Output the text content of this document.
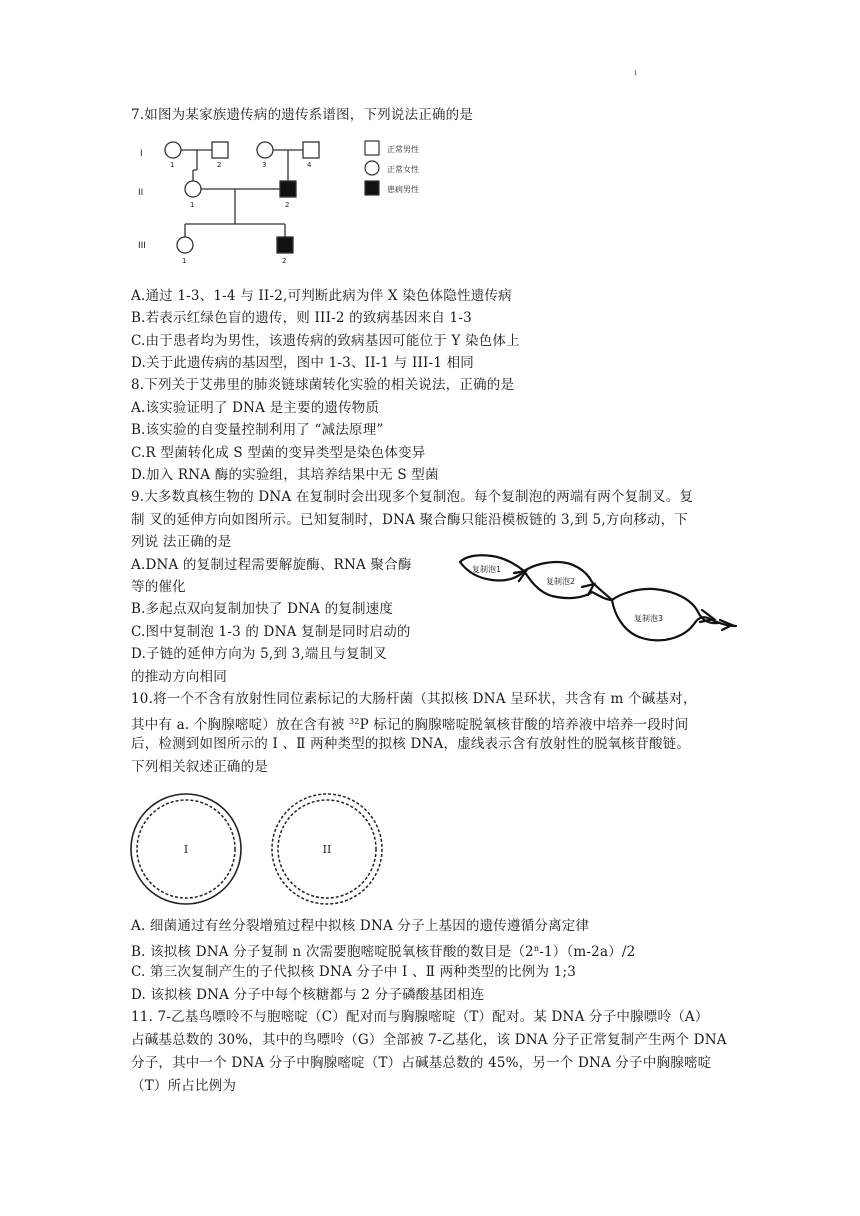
ı
7.如图为某家族遗传病的遗传系谱图，下列说法正确的是
I
II
III
1	2	3	4
1	2
1	2
正常男性
正常女性
患病男性
A.通过 1-3、1-4 与 II-2,可判断此病为伴 X 染色体隐性遗传病
B.若表示红绿色盲的遗传，则 III-2 的致病基因来自 1-3
C.由于患者均为男性，该遗传病的致病基因可能位于 Y 染色体上
D.关于此遗传病的基因型，图中 1-3、II-1 与 III-1 相同
8.下列关于艾弗里的肺炎链球菌转化实验的相关说法，正确的是
A.该实验证明了 DNA 是主要的遗传物质
B.该实验的自变量控制利用了 “减法原理”
C.R 型菌转化成 S 型菌的变异类型是染色体变异
D.加入 RNA 酶的实验组，其培养结果中无 S 型菌
9.大多数真核生物的 DNA 在复制时会出现多个复制泡。每个复制泡的两端有两个复制叉。复
制 叉的延伸方向如图所示。已知复制时，DNA 聚合酶只能沿模板链的 3,到 5,方向移动，下
列说 法正确的是
A.DNA 的复制过程需要解旋酶、RNA 聚合酶
等的催化
B.多起点双向复制加快了 DNA 的复制速度
C.图中复制泡 1-3 的 DNA 复制是同时启动的
D.子链的延伸方向为 5,到 3,端且与复制叉
的推动方向相同
复制泡1
复制泡2
复制泡3
10.将一个不含有放射性同位素标记的大肠杆菌（其拟核 DNA 呈环状，共含有 m 个碱基对，
其中有 a. 个胸腺嘧啶）放在含有被 $^{32}$P 标记的胸腺嘧啶脱氧核苷酸的培养液中培养一段时间
后，检测到如图所示的 Ⅰ 、Ⅱ 两种类型的拟核 DNA，虚线表示含有放射性的脱氧核苷酸链。
下列相关叙述正确的是
I	II
A. 细菌通过有丝分裂增殖过程中拟核 DNA 分子上基因的遗传遵循分离定律
B. 该拟核 DNA 分子复制 n 次需要胞嘧啶脱氧核苷酸的数目是（2$^n$-1）（m-2a）/2
C. 第三次复制产生的子代拟核 DNA 分子中 Ⅰ 、Ⅱ 两种类型的比例为 1;3
D. 该拟核 DNA 分子中每个核糖都与 2 分子磷酸基团相连
11. 7-乙基鸟嘌呤不与胞嘧啶（C）配对而与胸腺嘧啶（T）配对。某 DNA 分子中腺嘌呤（A）
占碱基总数的 30%，其中的鸟嘌呤（G）全部被 7-乙基化，该 DNA 分子正常复制产生两个 DNA
分子，其中一个 DNA 分子中胸腺嘧啶（T）占碱基总数的 45%，另一个 DNA 分子中胸腺嘧啶
（T）所占比例为
